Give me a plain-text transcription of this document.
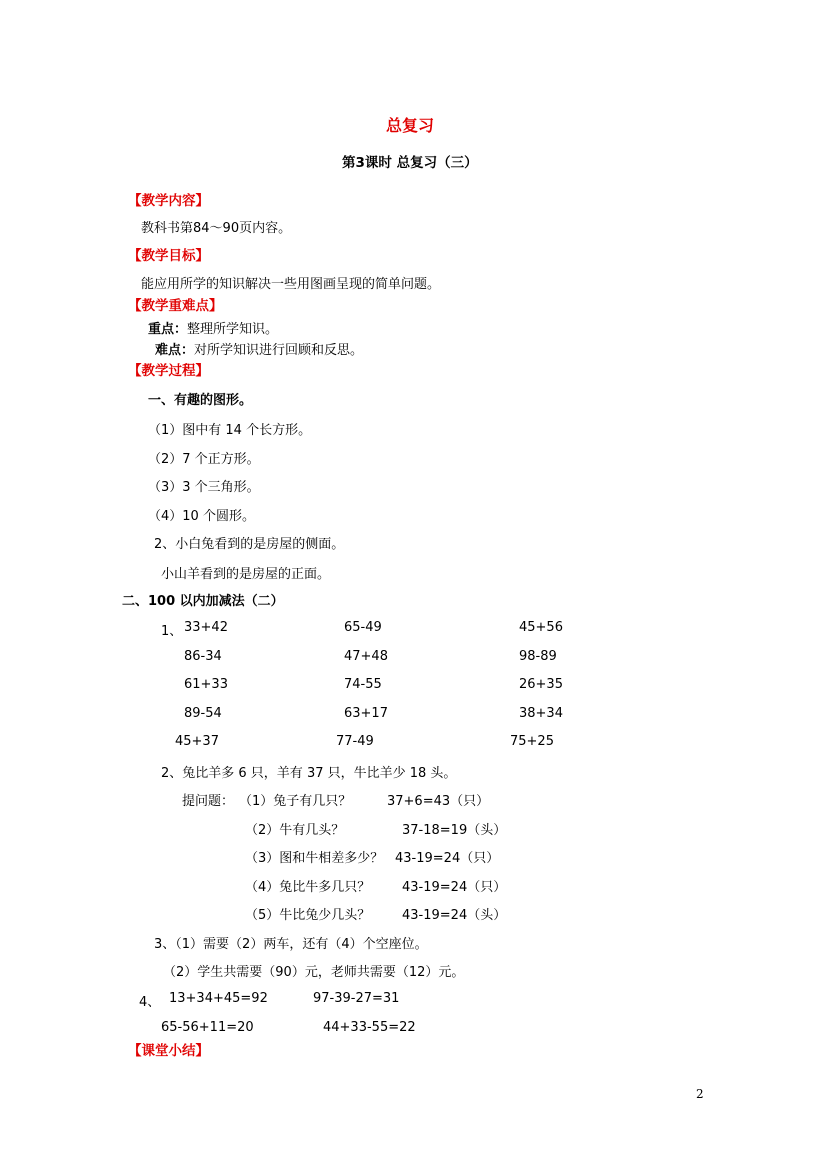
总复习
第3课时 总复习（三）
【教学内容】
教科书第84～90页内容。
【教学目标】
能应用所学的知识解决一些用图画呈现的简单问题。
【教学重难点】
重点：整理所学知识。
难点：对所学知识进行回顾和反思。
【教学过程】
一、有趣的图形。
（1）图中有 14 个长方形。
（2）7 个正方形。
（3）3 个三角形。
（4）10 个圆形。
2、小白兔看到的是房屋的侧面。
小山羊看到的是房屋的正面。
二、100 以内加减法（二）
1、 33+42	65-49	45+56
86-34	47+48	98-89
61+33	74-55	26+35
89-54	63+17	38+34
45+37	77-49	75+25
2、兔比羊多 6 只，羊有 37 只，牛比羊少 18 头。
提问题： （1）兔子有几只？	37+6=43（只）
（2）牛有几头？	37-18=19（头）
（3）图和牛相差多少？ 43-19=24（只）
（4）兔比牛多几只？ 43-19=24（只）
（5）牛比兔少几头？ 43-19=24（头）
3、（1）需要（2）两车，还有（4）个空座位。
（2）学生共需要（90）元，老师共需要（12）元。
4、 13+34+45=92	97-39-27=31
65-56+11=20	44+33-55=22
【课堂小结】
2
